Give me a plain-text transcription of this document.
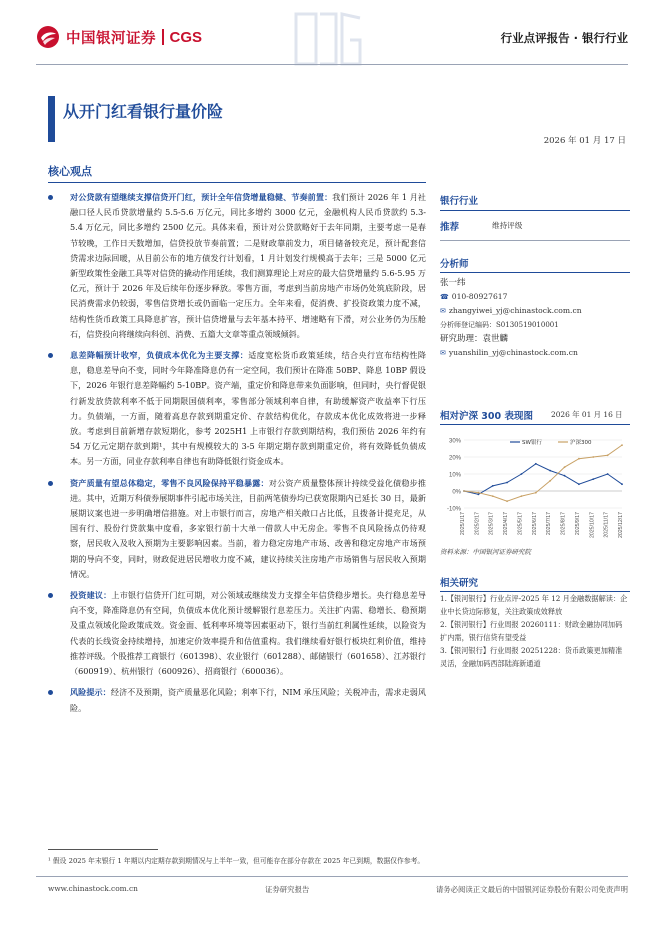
中国银河证券 CGS	行业点评报告 · 银行行业
从开门红看银行量价险
2026 年 01 月 17 日
核心观点
对公贷款有望继续支撑信贷开门红，预计全年信贷增量稳健、节奏前置：我们预计 2026 年 1 月社融口径人民币贷款增量约 5.5-5.6 万亿元，同比多增约 3000 亿元，金融机构人民币贷款约 5.3-5.4 万亿元，同比多增约 2500 亿元。具体来看，预计对公贷款略好于去年同期，主要考虑一是春节较晚，工作日天数增加，信贷投放节奏前置；二是财政靠前发力，项目储备较充足，预计配套信贷需求边际回暖，从目前公布的地方债发行计划看，1 月计划发行规模高于去年；三是 5000 亿元新型政策性金融工具等对信贷的撬动作用延续，我们测算理论上对应的最大信贷增量约 5.6-5.95 万亿元，预计于 2026 年及后续年份逐步释放。零售方面，考虑到当前房地产市场仍处筑底阶段，居民消费需求仍较弱，零售信贷增长或仍面临一定压力。全年来看，促消费、扩投资政策力度不减，结构性货币政策工具降息扩容，预计信贷增量与去年基本持平、增速略有下滑，对公业务仍为压舱石，信贷投向将继续向科创、消费、五篇大文章等重点领域倾斜。
息差降幅预计收窄，负债成本优化为主要支撑：适度宽松货币政策延续，结合央行宣布结构性降息，稳息差导向不变，同时今年降准降息仍有一定空间，我们预计在降准 50BP、降息 10BP 假设下，2026 年银行息差降幅约 5-10BP。资产端，重定价和降息带来负面影响，但同时，央行督促银行新发放贷款利率不低于同期限国债利率，零售部分领域利率自律，有助缓解资产收益率下行压力。负债端，一方面，随着高息存款到期重定价、存款结构优化，存款成本优化成效将进一步释放。考虑到目前新增存款短期化，参考 2025H1 上市银行存款到期结构，我们预估 2026 年约有 54 万亿元定期存款到期¹，其中有规模较大的 3-5 年期定期存款到期重定价，将有效降低负债成本。另一方面，同业存款利率自律也有助降低银行资金成本。
资产质量有望总体稳定，零售不良风险保持平稳暴露：对公资产质量整体预计持续受益化债稳步推进。其中，近期万科债券展期事件引起市场关注，目前两笔债券均已获宽限期内已延长 30 日，最新展期议案也进一步明确增信措施。对上市银行而言，房地产相关敞口占比低，且拨备计提充足，从国有行、股份行贷款集中度看，多家银行前十大单一借款人中无房企。零售不良风险扬点仍待观察，居民收入及收入预期为主要影响因素。当前，着力稳定房地产市场、改善和稳定房地产市场预期的导向不变，同时，财政促进居民增收力度不减，建议持续关注房地产市场销售与居民收入预期情况。
投资建议：上市银行信贷开门红可期，对公领域或继续发力支撑全年信贷稳步增长。央行稳息差导向不变，降准降息仍有空间，负债成本优化预计缓解银行息差压力。关注扩内需、稳增长、稳预期及重点领域化险政策成效。资金面、低利率环境等因素驱动下，银行当前红利属性延续，以险资为代表的长线资金持续增持，加速定价效率提升和估值重构。我们继续看好银行板块红利价值，维持推荐评级。个股推荐工商银行（601398）、农业银行（601288）、邮储银行（601658）、江苏银行（600919）、杭州银行（600926）、招商银行（600036）。
风险提示：经济不及预期，资产质量恶化风险；利率下行，NIM 承压风险；关税冲击，需求走弱风险。
银行行业
推荐	维持评级
分析师
张一纬
☎ 010-80927617
✉ zhangyiwei_yj@chinastock.com.cn
分析师登记编码：S0130519010001
研究助理：袁世麟
✉ yuanshilin_yj@chinastock.com.cn
相对沪深 300 表现图 2026 年 01 月 16 日
30%
20%
10%
0%
-10%
2025/1/17 2025/2/17 2025/3/17 2025/4/17 2025/5/17 2025/6/17 2025/7/17 2025/8/17 2025/9/17 2025/10/17 2025/11/17 2025/12/17
SW银行	沪深300
资料来源：中国银河证券研究院
相关研究
1.【银河银行】行业点评-2025 年 12 月金融数据解读：企业中长贷边际修复，关注政策成效释放
2.【银河银行】行业周报 20260111：财政金融协同加码扩内需，银行信贷有望受益
3.【银河银行】行业周报 20251228：货币政策更加精准灵活，金融加码西部陆海新通道
¹ 假设 2025 年末银行 1 年期以内定期存款到期情况与上半年一致，但可能存在部分存款在 2025 年已到期，数据仅作参考。
www.chinastock.com.cn	证券研究报告	请务必阅读正文最后的中国银河证券股份有限公司免责声明
